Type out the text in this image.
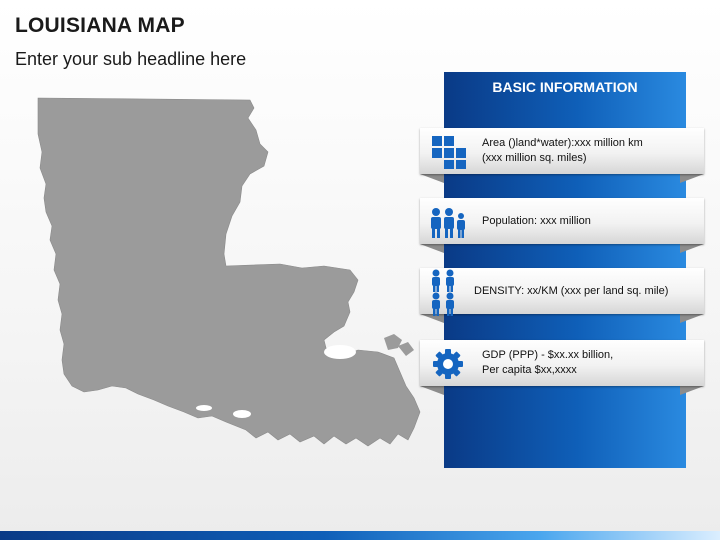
LOUISIANA MAP

Enter your sub headline here

BASIC INFORMATION
Area ()land*water):xxx million km
(xxx million sq. miles)
Population: xxx million
DENSITY: xx/KM (xxx per land sq. mile)
GDP (PPP) - $xx.xx billion,
Per capita $xx,xxxx
